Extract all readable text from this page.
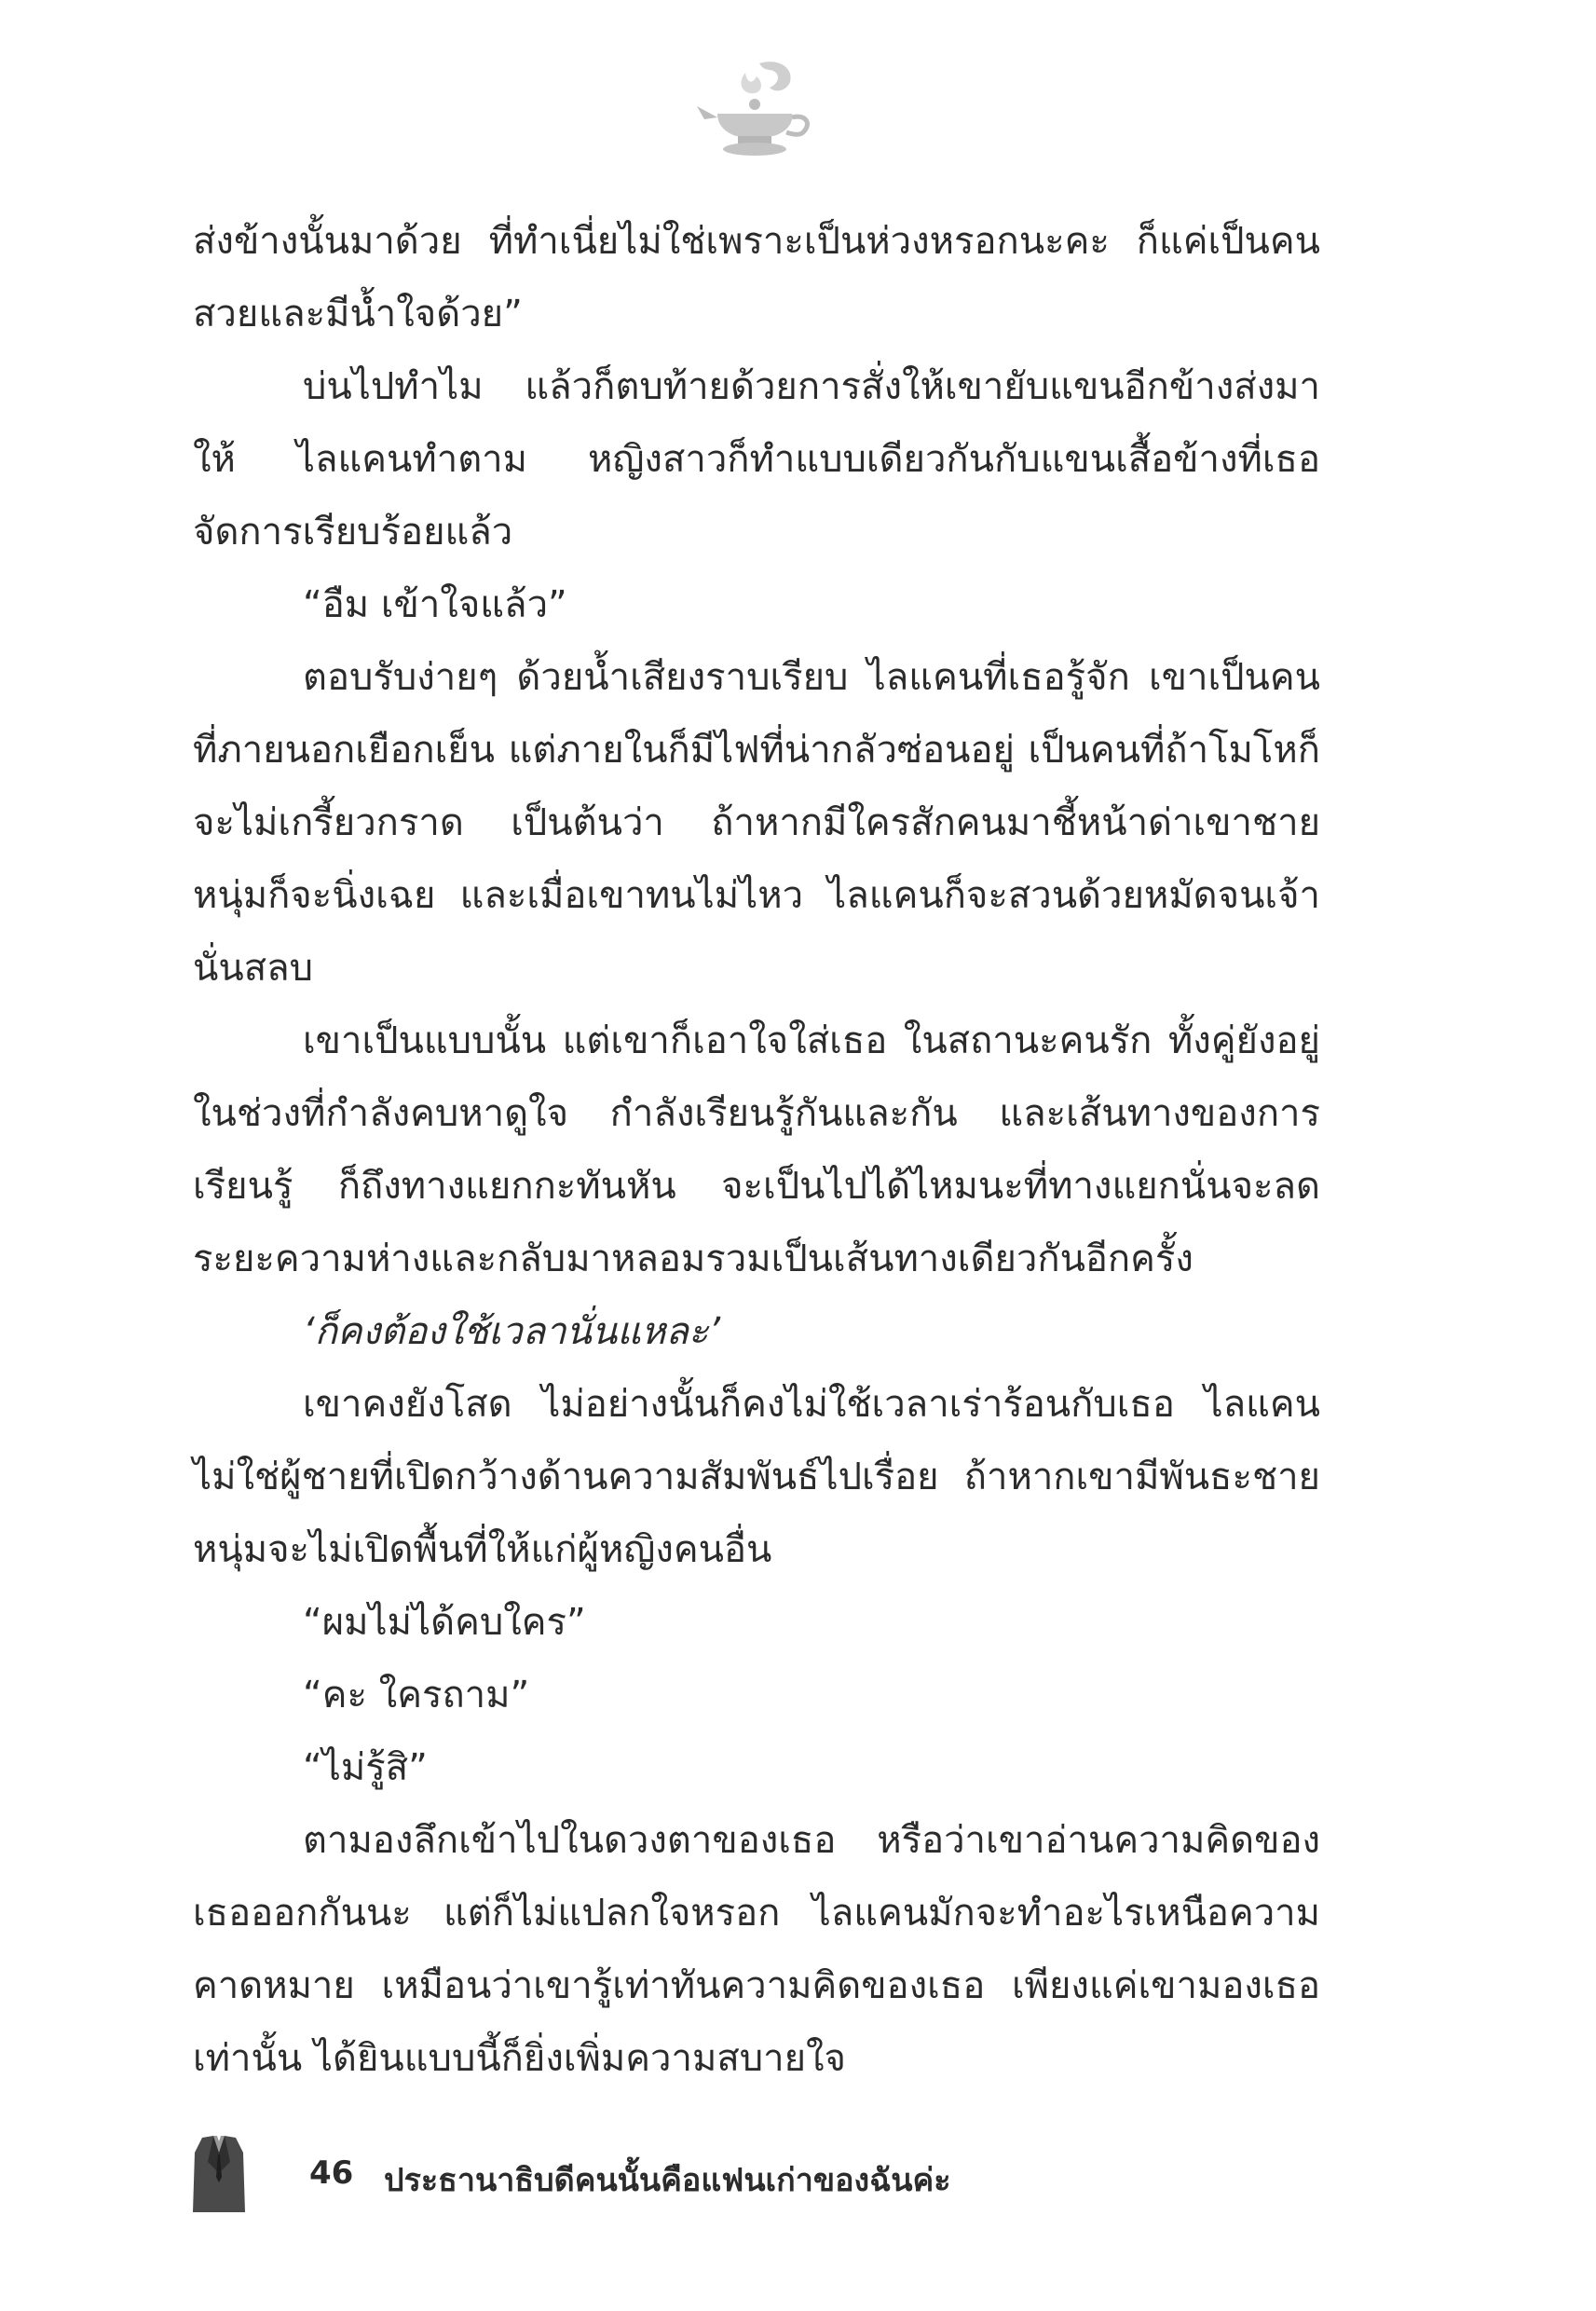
ส่งข้างนั้นมาด้วย ที่ทำเนี่ยไม่ใช่เพราะเป็นห่วงหรอกนะคะ ก็แค่เป็นคนสวยและมีน้ำใจด้วย”

บ่นไปทำไม แล้วก็ตบท้ายด้วยการสั่งให้เขายับแขนอีกข้างส่งมาให้ ไลแคนทำตาม หญิงสาวก็ทำแบบเดียวกันกับแขนเสื้อข้างที่เธอจัดการเรียบร้อยแล้ว

“อืม เข้าใจแล้ว”

ตอบรับง่ายๆ ด้วยน้ำเสียงราบเรียบ ไลแคนที่เธอรู้จัก เขาเป็นคนที่ภายนอกเยือกเย็น แต่ภายในก็มีไฟที่น่ากลัวซ่อนอยู่ เป็นคนที่ถ้าโมโหก็จะไม่เกรี้ยวกราด เป็นต้นว่า ถ้าหากมีใครสักคนมาชี้หน้าด่าเขาชายหนุ่มก็จะนิ่งเฉย และเมื่อเขาทนไม่ไหว ไลแคนก็จะสวนด้วยหมัดจนเจ้านั่นสลบ

เขาเป็นแบบนั้น แต่เขาก็เอาใจใส่เธอ ในสถานะคนรัก ทั้งคู่ยังอยู่ในช่วงที่กำลังคบหาดูใจ กำลังเรียนรู้กันและกัน และเส้นทางของการเรียนรู้ ก็ถึงทางแยกกะทันหัน จะเป็นไปได้ไหมนะที่ทางแยกนั่นจะลดระยะความห่างและกลับมาหลอมรวมเป็นเส้นทางเดียวกันอีกครั้ง

‘ก็คงต้องใช้เวลานั่นแหละ’

เขาคงยังโสด ไม่อย่างนั้นก็คงไม่ใช้เวลาเร่าร้อนกับเธอ ไลแคนไม่ใช่ผู้ชายที่เปิดกว้างด้านความสัมพันธ์ไปเรื่อย ถ้าหากเขามีพันธะชายหนุ่มจะไม่เปิดพื้นที่ให้แก่ผู้หญิงคนอื่น

“ผมไม่ได้คบใคร”

“คะ ใครถาม”

“ไม่รู้สิ”

ตามองลึกเข้าไปในดวงตาของเธอ หรือว่าเขาอ่านความคิดของเธอออกกันนะ แต่ก็ไม่แปลกใจหรอก ไลแคนมักจะทำอะไรเหนือความคาดหมาย เหมือนว่าเขารู้เท่าทันความคิดของเธอ เพียงแค่เขามองเธอเท่านั้น ได้ยินแบบนี้ก็ยิ่งเพิ่มความสบายใจ

46 ประธานาธิบดีคนนั้นคือแฟนเก่าของฉันค่ะ
